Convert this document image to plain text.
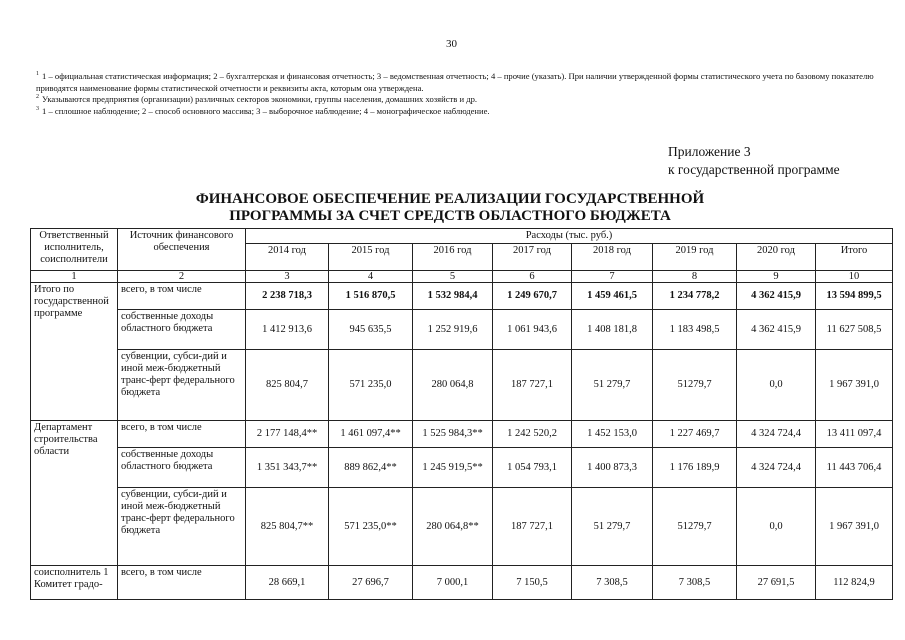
30

$^1$ 1 – официальная статистическая информация; 2 – бухгалтерская и финансовая отчетность; 3 – ведомственная отчетность; 4 – прочие (указать). При наличии утвержденной формы статистического учета по базовому показателю приводятся наименование формы статистической отчетности и реквизиты акта, которым она утверждена.

$^2$ Указываются предприятия (организации) различных секторов экономики, группы населения, домашних хозяйств и др.

$^3$ 1 – сплошное наблюдение; 2 – способ основного массива; 3 – выборочное наблюдение; 4 – монографическое наблюдение.

Приложение 3
к государственной программе
ФИНАНСОВОЕ ОБЕСПЕЧЕНИЕ РЕАЛИЗАЦИИ ГОСУДАРСТВЕННОЙ
ПРОГРАММЫ ЗА СЧЕТ СРЕДСТВ ОБЛАСТНОГО БЮДЖЕТА
Ответственный исполнитель, соисполнители	Источник финансового обеспечения	Расходы (тыс. руб.)							
		2014 год	2015 год	2016 год	2017 год	2018 год	2019 год	2020 год	Итого
1	2	3	4	5	6	7	8	9	10
Итого по государственной программе	всего, в том числе	2 238 718,3	1 516 870,5	1 532 984,4	1 249 670,7	1 459 461,5	1 234 778,2	4 362 415,9	13 594 899,5
	собственные доходы областного бюджета	1 412 913,6	945 635,5	1 252 919,6	1 061 943,6	1 408 181,8	1 183 498,5	4 362 415,9	11 627 508,5
	субвенции, субси-дий и иной меж-бюджетный транс-ферт федерального бюджета	825 804,7	571 235,0	280 064,8	187 727,1	51 279,7	51279,7	0,0	1 967 391,0
Департамент строительства области	всего, в том числе	2 177 148,4**	1 461 097,4**	1 525 984,3**	1 242 520,2	1 452 153,0	1 227 469,7	4 324 724,4	13 411 097,4
	собственные доходы областного бюджета	1 351 343,7**	889 862,4**	1 245 919,5**	1 054 793,1	1 400 873,3	1 176 189,9	4 324 724,4	11 443 706,4
	субвенции, субси-дий и иной меж-бюджетный транс-ферт федерального бюджета	825 804,7**	571 235,0**	280 064,8**	187 727,1	51 279,7	51279,7	0,0	1 967 391,0
соисполнитель 1 Комитет градо-	всего, в том числе	28 669,1	27 696,7	7 000,1	7 150,5	7 308,5	7 308,5	27 691,5	112 824,9
